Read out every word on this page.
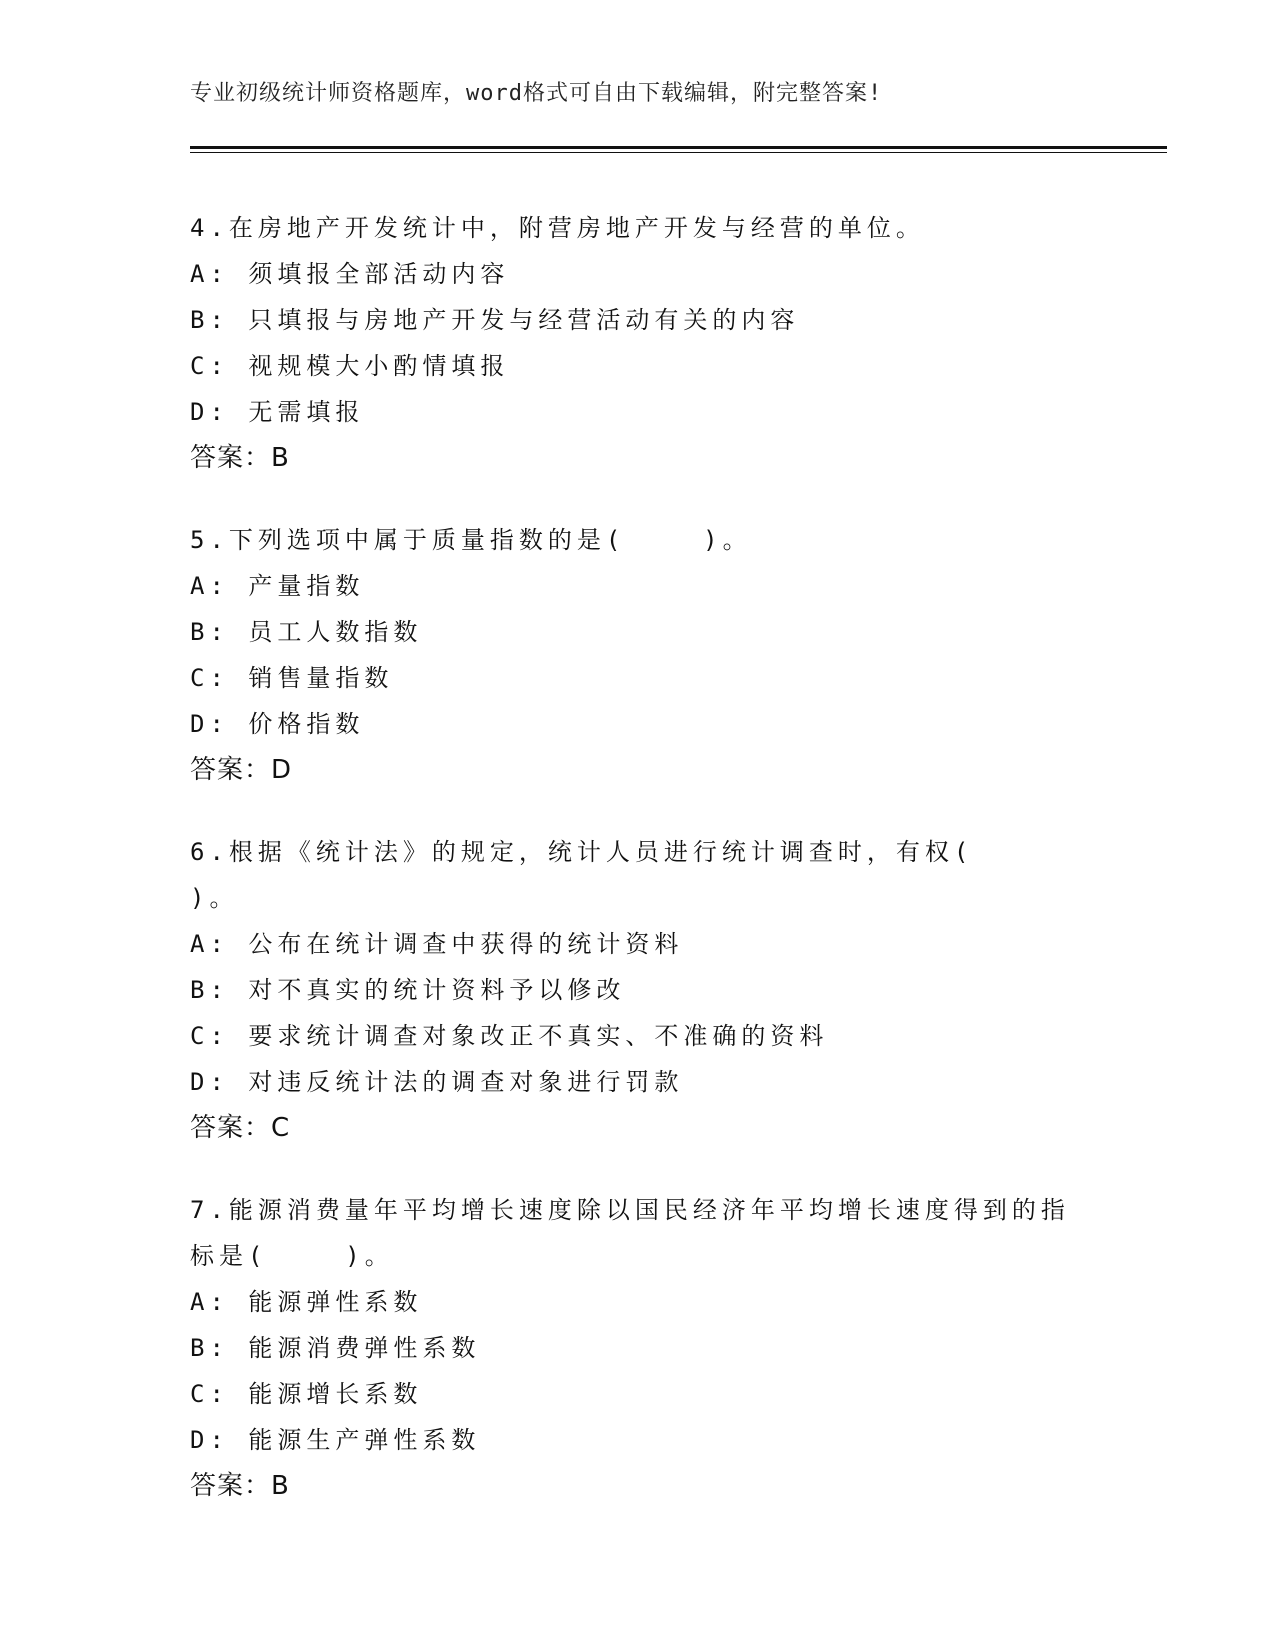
专业初级统计师资格题库，word格式可自由下载编辑，附完整答案!

4.在房地产开发统计中，附营房地产开发与经营的单位。

A: 须填报全部活动内容

B: 只填报与房地产开发与经营活动有关的内容

C: 视规模大小酌情填报

D: 无需填报

答案：B

5.下列选项中属于质量指数的是(    )。

A: 产量指数

B: 员工人数指数

C: 销售量指数

D: 价格指数

答案：D

6.根据《统计法》的规定，统计人员进行统计调查时，有权(    )。

A: 公布在统计调查中获得的统计资料

B: 对不真实的统计资料予以修改

C: 要求统计调查对象改正不真实、不准确的资料

D: 对违反统计法的调查对象进行罚款

答案：C

7.能源消费量年平均增长速度除以国民经济年平均增长速度得到的指标是(    )。

A: 能源弹性系数

B: 能源消费弹性系数

C: 能源增长系数

D: 能源生产弹性系数

答案：B
